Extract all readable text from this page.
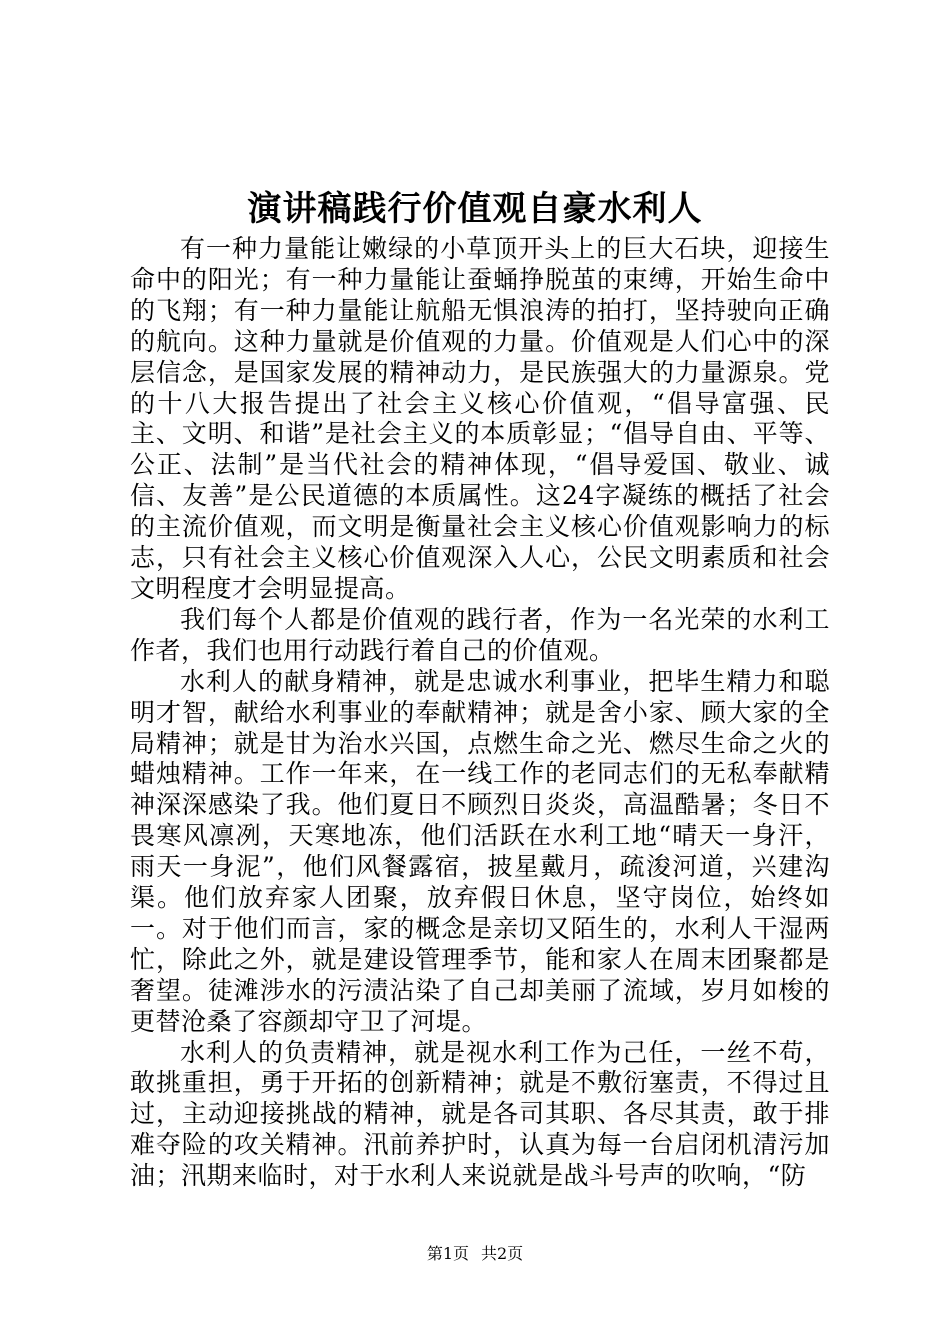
演讲稿践行价值观自豪水利人

有一种力量能让嫩绿的小草顶开头上的巨大石块，迎接生命中的阳光；有一种力量能让蚕蛹挣脱茧的束缚，开始生命中的飞翔；有一种力量能让航船无惧浪涛的拍打，坚持驶向正确的航向。这种力量就是价值观的力量。价值观是人们心中的深层信念，是国家发展的精神动力，是民族强大的力量源泉。党的十八大报告提出了社会主义核心价值观，“倡导富强、民主、文明、和谐”是社会主义的本质彰显；“倡导自由、平等、公正、法制”是当代社会的精神体现，“倡导爱国、敬业、诚信、友善”是公民道德的本质属性。这24字凝练的概括了社会的主流价值观，而文明是衡量社会主义核心价值观影响力的标志，只有社会主义核心价值观深入人心，公民文明素质和社会文明程度才会明显提高。

我们每个人都是价值观的践行者，作为一名光荣的水利工作者，我们也用行动践行着自己的价值观。

水利人的献身精神，就是忠诚水利事业，把毕生精力和聪明才智，献给水利事业的奉献精神；就是舍小家、顾大家的全局精神；就是甘为治水兴国，点燃生命之光、燃尽生命之火的蜡烛精神。工作一年来，在一线工作的老同志们的无私奉献精神深深感染了我。他们夏日不顾烈日炎炎，高温酷暑；冬日不畏寒风凛冽，天寒地冻，他们活跃在水利工地“晴天一身汗，雨天一身泥”，他们风餐露宿，披星戴月，疏浚河道，兴建沟渠。他们放弃家人团聚，放弃假日休息，坚守岗位，始终如一。对于他们而言，家的概念是亲切又陌生的，水利人干湿两忙，除此之外，就是建设管理季节，能和家人在周末团聚都是奢望。徒滩涉水的污渍沾染了自己却美丽了流域，岁月如梭的更替沧桑了容颜却守卫了河堤。

水利人的负责精神，就是视水利工作为己任，一丝不苟，敢挑重担，勇于开拓的创新精神；就是不敷衍塞责，不得过且过，主动迎接挑战的精神，就是各司其职、各尽其责，敢于排难夺险的攻关精神。汛前养护时，认真为每一台启闭机清污加油；汛期来临时，对于水利人来说就是战斗号声的吹响，“防

第1页 共2页
